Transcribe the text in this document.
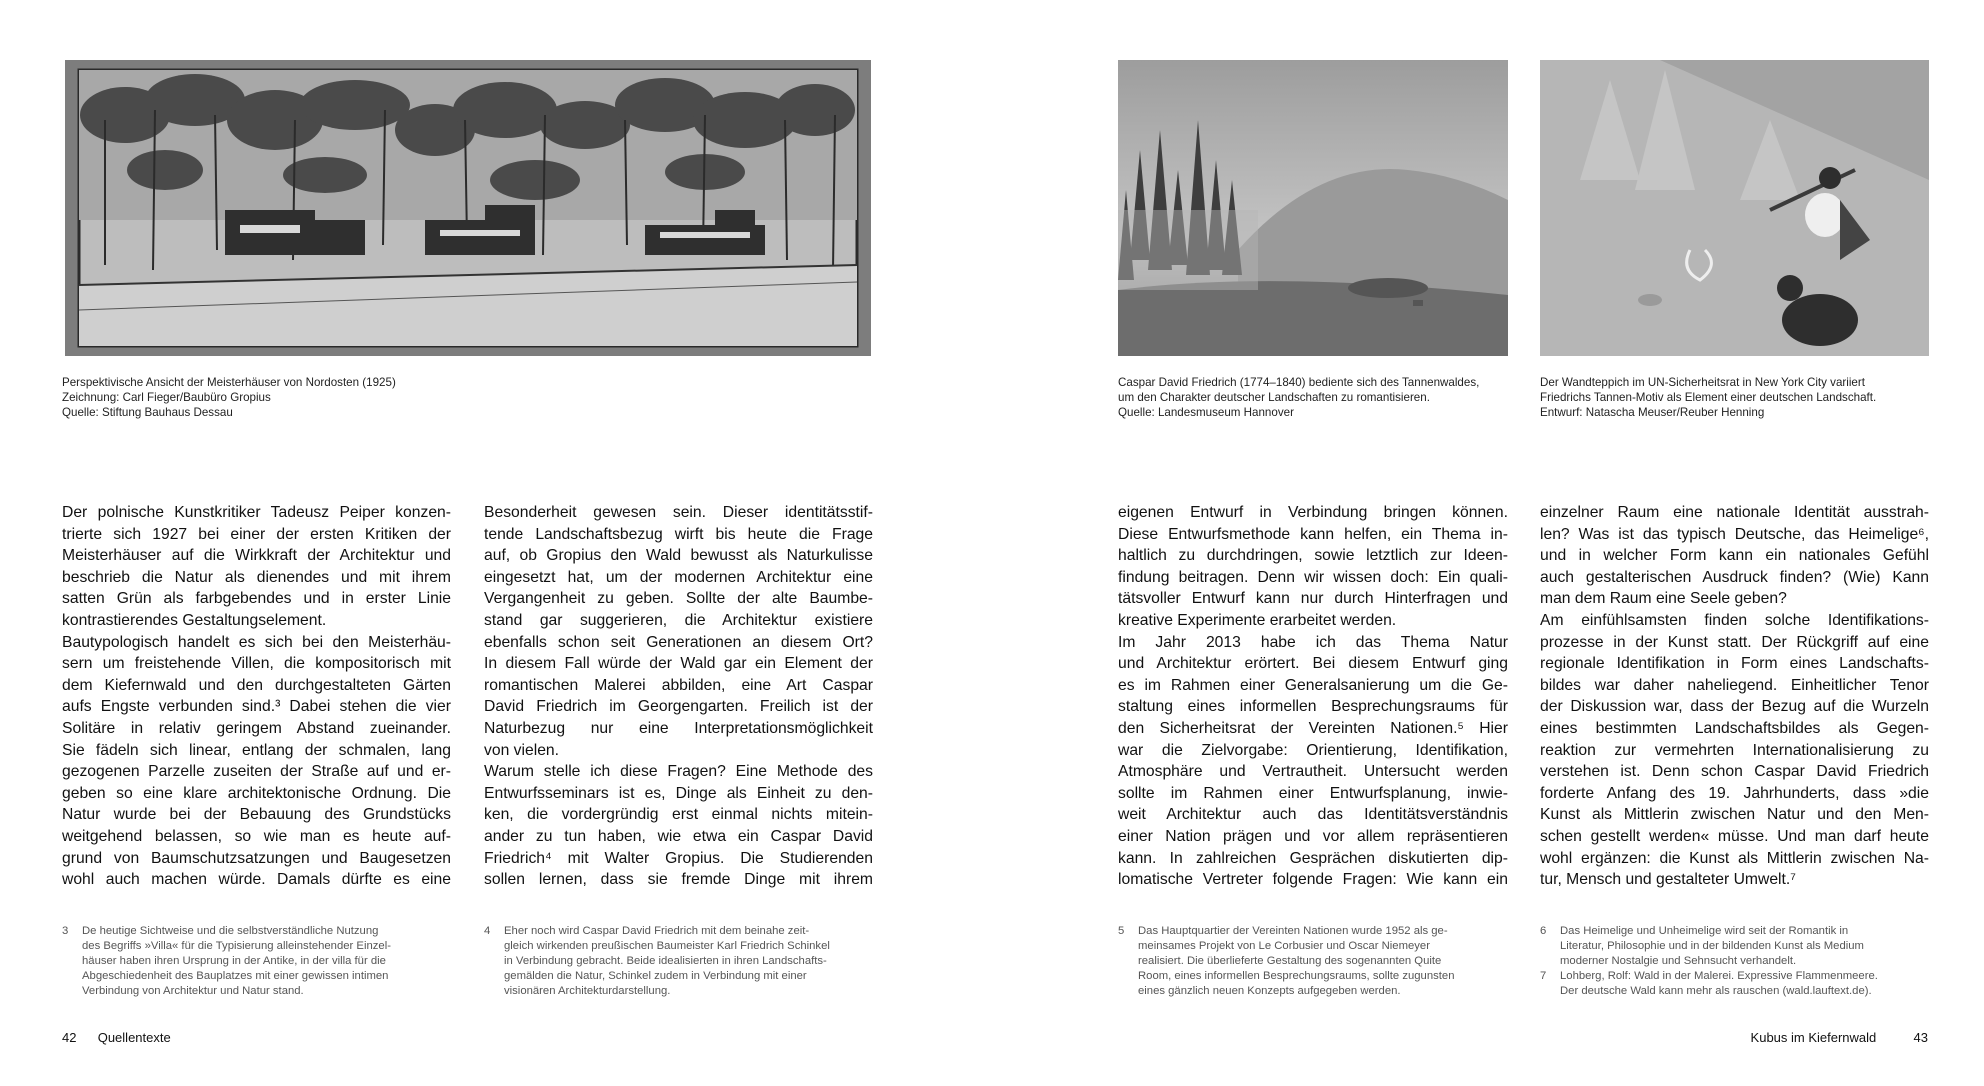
Perspektivische Ansicht der Meisterhäuser von Nordosten (1925)
Zeichnung: Carl Fieger/Baubüro Gropius
Quelle: Stiftung Bauhaus Dessau
Caspar David Friedrich (1774–1840) bediente sich des Tannenwaldes,
um den Charakter deutscher Landschaften zu romantisieren.
Quelle: Landesmuseum Hannover
Der Wandteppich im UN-Sicherheitsrat in New York City variiert
Friedrichs Tannen-Motiv als Element einer deutschen Landschaft.
Entwurf: Natascha Meuser/Reuber Henning
Der polnische Kunstkritiker Tadeusz Peiper konzen-
trierte sich 1927 bei einer der ersten Kritiken der
Meisterhäuser auf die Wirkkraft der Architektur und
beschrieb die Natur als dienendes und mit ihrem
satten Grün als farbgebendes und in erster Linie
kontrastierendes Gestaltungselement.
Bautypologisch handelt es sich bei den Meisterhäu-
sern um freistehende Villen, die kompositorisch mit
dem Kiefernwald und den durchgestalteten Gärten
aufs Engste verbunden sind.³ Dabei stehen die vier
Solitäre in relativ geringem Abstand zueinander.
Sie fädeln sich linear, entlang der schmalen, lang
gezogenen Parzelle zuseiten der Straße auf und er-
geben so eine klare architektonische Ordnung. Die
Natur wurde bei der Bebauung des Grundstücks
weitgehend belassen, so wie man es heute auf-
grund von Baumschutzsatzungen und Baugesetzen
wohl auch machen würde. Damals dürfte es eine
Besonderheit gewesen sein. Dieser identitätsstif-
tende Landschaftsbezug wirft bis heute die Frage
auf, ob Gropius den Wald bewusst als Naturkulisse
eingesetzt hat, um der modernen Architektur eine
Vergangenheit zu geben. Sollte der alte Baumbe-
stand gar suggerieren, die Architektur existiere
ebenfalls schon seit Generationen an diesem Ort?
In diesem Fall würde der Wald gar ein Element der
romantischen Malerei abbilden, eine Art Caspar
David Friedrich im Georgengarten. Freilich ist der
Naturbezug nur eine Interpretationsmöglichkeit
von vielen.
Warum stelle ich diese Fragen? Eine Methode des
Entwurfsseminars ist es, Dinge als Einheit zu den-
ken, die vordergründig erst einmal nichts mitein-
ander zu tun haben, wie etwa ein Caspar David
Friedrich⁴ mit Walter Gropius. Die Studierenden
sollen lernen, dass sie fremde Dinge mit ihrem
eigenen Entwurf in Verbindung bringen können.
Diese Entwurfsmethode kann helfen, ein Thema in-
haltlich zu durchdringen, sowie letztlich zur Ideen-
findung beitragen. Denn wir wissen doch: Ein quali-
tätsvoller Entwurf kann nur durch Hinterfragen und
kreative Experimente erarbeitet werden.
Im Jahr 2013 habe ich das Thema Natur
und Architektur erörtert. Bei diesem Entwurf ging
es im Rahmen einer Generalsanierung um die Ge-
staltung eines informellen Besprechungsraums für
den Sicherheitsrat der Vereinten Nationen.⁵ Hier
war die Zielvorgabe: Orientierung, Identifikation,
Atmosphäre und Vertrautheit. Untersucht werden
sollte im Rahmen einer Entwurfsplanung, inwie-
weit Architektur auch das Identitätsverständnis
einer Nation prägen und vor allem repräsentieren
kann. In zahlreichen Gesprächen diskutierten dip-
lomatische Vertreter folgende Fragen: Wie kann ein
einzelner Raum eine nationale Identität ausstrah-
len? Was ist das typisch Deutsche, das Heimelige⁶,
und in welcher Form kann ein nationales Gefühl
auch gestalterischen Ausdruck finden? (Wie) Kann
man dem Raum eine Seele geben?
Am einfühlsamsten finden solche Identifikations-
prozesse in der Kunst statt. Der Rückgriff auf eine
regionale Identifikation in Form eines Landschafts-
bildes war daher naheliegend. Einheitlicher Tenor
der Diskussion war, dass der Bezug auf die Wurzeln
eines bestimmten Landschaftsbildes als Gegen-
reaktion zur vermehrten Internationalisierung zu
verstehen ist. Denn schon Caspar David Friedrich
forderte Anfang des 19. Jahrhunderts, dass »die
Kunst als Mittlerin zwischen Natur und den Men-
schen gestellt werden« müsse. Und man darf heute
wohl ergänzen: die Kunst als Mittlerin zwischen Na-
tur, Mensch und gestalteter Umwelt.⁷
3 De heutige Sichtweise und die selbstverständliche Nutzung
des Begriffs »Villa« für die Typisierung alleinstehender Einzel-
häuser haben ihren Ursprung in der Antike, in der villa für die
Abgeschiedenheit des Bauplatzes mit einer gewissen intimen
Verbindung von Architektur und Natur stand.
4 Eher noch wird Caspar David Friedrich mit dem beinahe zeit-
gleich wirkenden preußischen Baumeister Karl Friedrich Schinkel
in Verbindung gebracht. Beide idealisierten in ihren Landschafts-
gemälden die Natur, Schinkel zudem in Verbindung mit einer
visionären Architekturdarstellung.
5 Das Hauptquartier der Vereinten Nationen wurde 1952 als ge-
meinsames Projekt von Le Corbusier und Oscar Niemeyer
realisiert. Die überlieferte Gestaltung des sogenannten Quite
Room, eines informellen Besprechungsraums, sollte zugunsten
eines gänzlich neuen Konzepts aufgegeben werden.
6 Das Heimelige und Unheimelige wird seit der Romantik in
Literatur, Philosophie und in der bildenden Kunst als Medium
moderner Nostalgie und Sehnsucht verhandelt.
7 Lohberg, Rolf: Wald in der Malerei. Expressive Flammenmeere.
Der deutsche Wald kann mehr als rauschen (wald.lauftext.de).
42 Quellentexte	Kubus im Kiefernwald	43
